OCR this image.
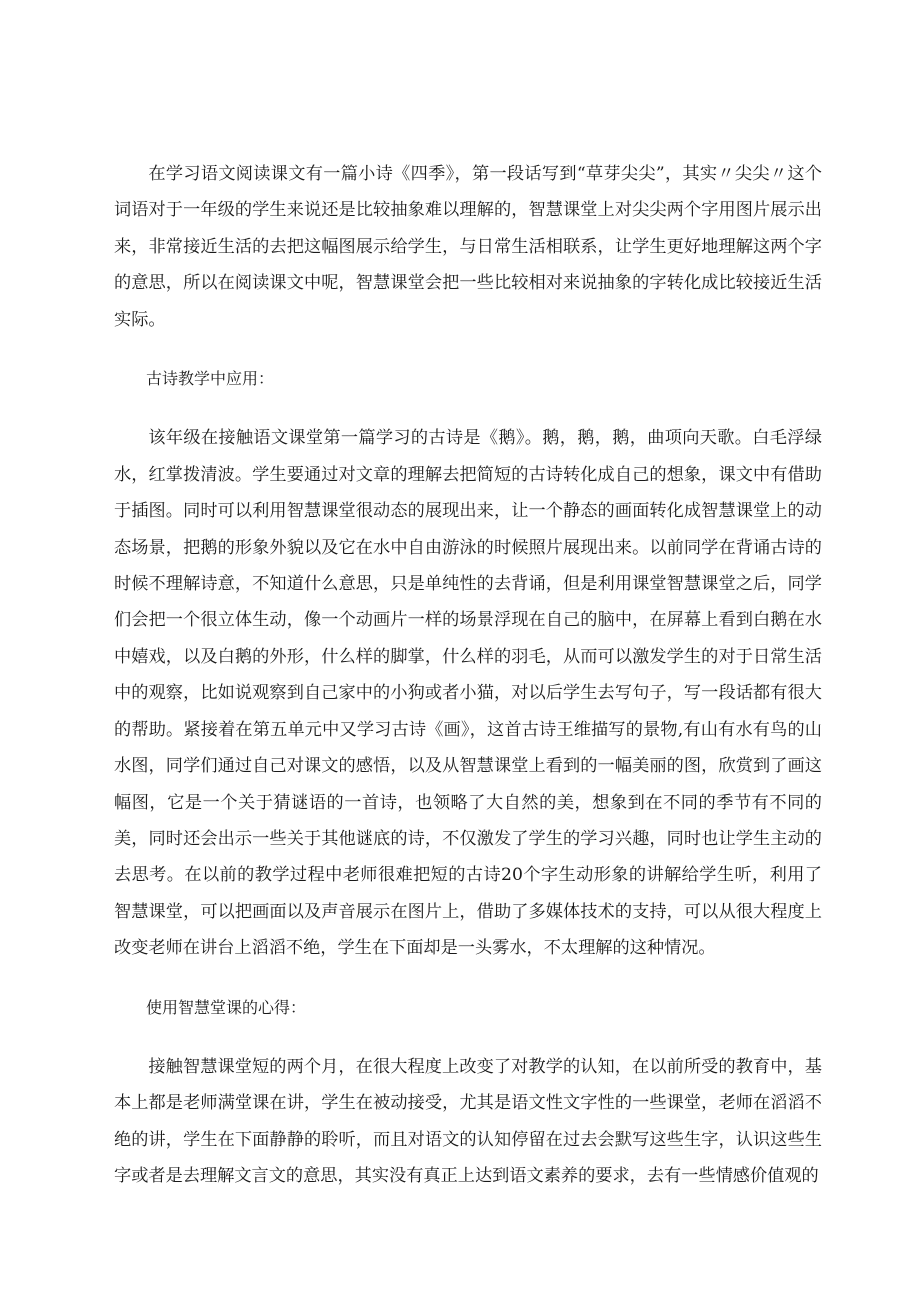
在学习语文阅读课文有一篇小诗《四季》，第一段话写到“草芽尖尖”，其实〃尖尖〃这个词语对于一年级的学生来说还是比较抽象难以理解的，智慧课堂上对尖尖两个字用图片展示出来，非常接近生活的去把这幅图展示给学生，与日常生活相联系，让学生更好地理解这两个字的意思，所以在阅读课文中呢，智慧课堂会把一些比较相对来说抽象的字转化成比较接近生活实际。

古诗教学中应用：

该年级在接触语文课堂第一篇学习的古诗是《鹅》。鹅，鹅，鹅，曲项向天歌。白毛浮绿水，红掌拨清波。学生要通过对文章的理解去把简短的古诗转化成自己的想象，课文中有借助于插图。同时可以利用智慧课堂很动态的展现出来，让一个静态的画面转化成智慧课堂上的动态场景，把鹅的形象外貌以及它在水中自由游泳的时候照片展现出来。以前同学在背诵古诗的时候不理解诗意，不知道什么意思，只是单纯性的去背诵，但是利用课堂智慧课堂之后，同学们会把一个很立体生动，像一个动画片一样的场景浮现在自己的脑中，在屏幕上看到白鹅在水中嬉戏，以及白鹅的外形，什么样的脚掌，什么样的羽毛，从而可以激发学生的对于日常生活中的观察，比如说观察到自己家中的小狗或者小猫，对以后学生去写句子，写一段话都有很大的帮助。紧接着在第五单元中又学习古诗《画》，这首古诗王维描写的景物,有山有水有鸟的山水图，同学们通过自己对课文的感悟，以及从智慧课堂上看到的一幅美丽的图，欣赏到了画这幅图，它是一个关于猜谜语的一首诗，也领略了大自然的美，想象到在不同的季节有不同的美，同时还会出示一些关于其他谜底的诗，不仅激发了学生的学习兴趣，同时也让学生主动的去思考。在以前的教学过程中老师很难把短的古诗20个字生动形象的讲解给学生听，利用了智慧课堂，可以把画面以及声音展示在图片上，借助了多媒体技术的支持，可以从很大程度上改变老师在讲台上滔滔不绝，学生在下面却是一头雾水，不太理解的这种情况。

使用智慧堂课的心得：

接触智慧课堂短的两个月，在很大程度上改变了对教学的认知，在以前所受的教育中，基本上都是老师满堂课在讲，学生在被动接受，尤其是语文性文字性的一些课堂，老师在滔滔不绝的讲，学生在下面静静的聆听，而且对语文的认知停留在过去会默写这些生字，认识这些生字或者是去理解文言文的意思，其实没有真正上达到语文素养的要求，去有一些情感价值观的
